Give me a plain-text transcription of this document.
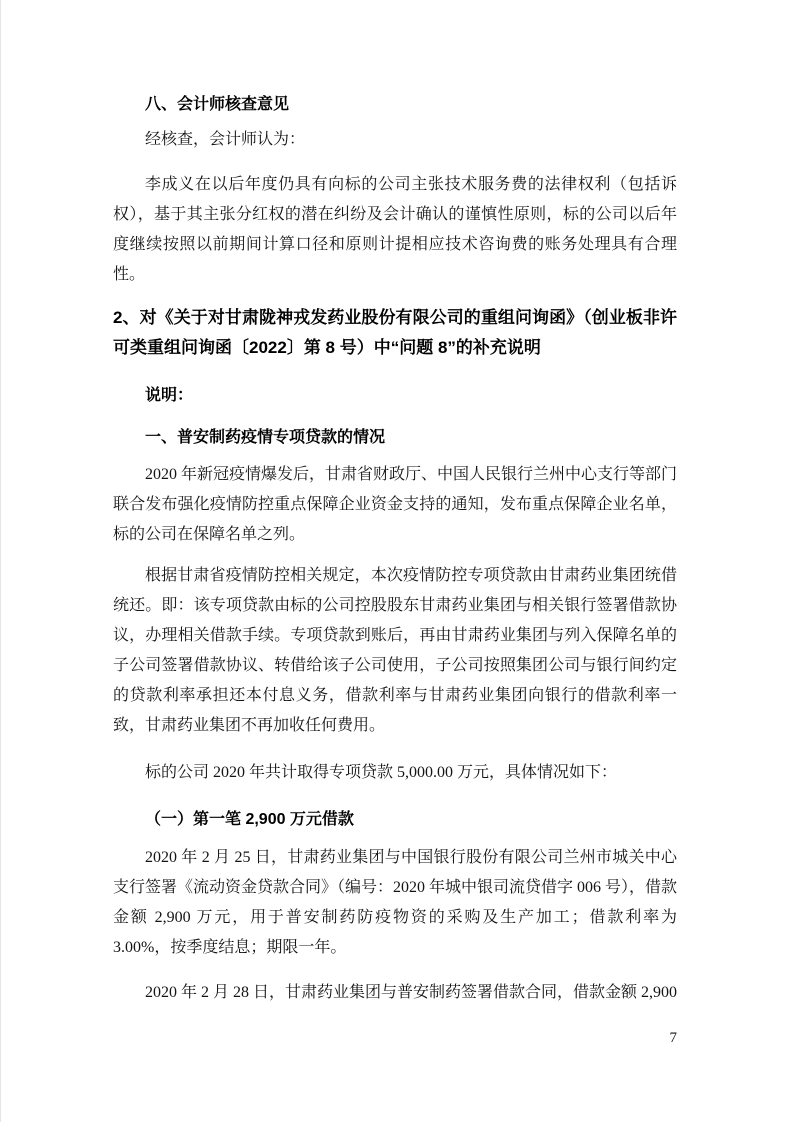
八、会计师核查意见
经核查，会计师认为：
李成义在以后年度仍具有向标的公司主张技术服务费的法律权利（包括诉权），基于其主张分红权的潜在纠纷及会计确认的谨慎性原则，标的公司以后年度继续按照以前期间计算口径和原则计提相应技术咨询费的账务处理具有合理性。
2、对《关于对甘肃陇神戎发药业股份有限公司的重组问询函》（创业板非许可类重组问询函〔2022〕第 8 号）中“问题 8”的补充说明
说明：
一、普安制药疫情专项贷款的情况
2020 年新冠疫情爆发后，甘肃省财政厅、中国人民银行兰州中心支行等部门联合发布强化疫情防控重点保障企业资金支持的通知，发布重点保障企业名单，标的公司在保障名单之列。
根据甘肃省疫情防控相关规定，本次疫情防控专项贷款由甘肃药业集团统借统还。即：该专项贷款由标的公司控股股东甘肃药业集团与相关银行签署借款协议，办理相关借款手续。专项贷款到账后，再由甘肃药业集团与列入保障名单的子公司签署借款协议、转借给该子公司使用，子公司按照集团公司与银行间约定的贷款利率承担还本付息义务，借款利率与甘肃药业集团向银行的借款利率一致，甘肃药业集团不再加收任何费用。
标的公司 2020 年共计取得专项贷款 5,000.00 万元，具体情况如下：
（一）第一笔 2,900 万元借款
2020 年 2 月 25 日，甘肃药业集团与中国银行股份有限公司兰州市城关中心支行签署《流动资金贷款合同》（编号：2020 年城中银司流贷借字 006 号），借款金额 2,900 万元，用于普安制药防疫物资的采购及生产加工；借款利率为 3.00%，按季度结息；期限一年。
2020 年 2 月 28 日，甘肃药业集团与普安制药签署借款合同，借款金额 2,900
7
